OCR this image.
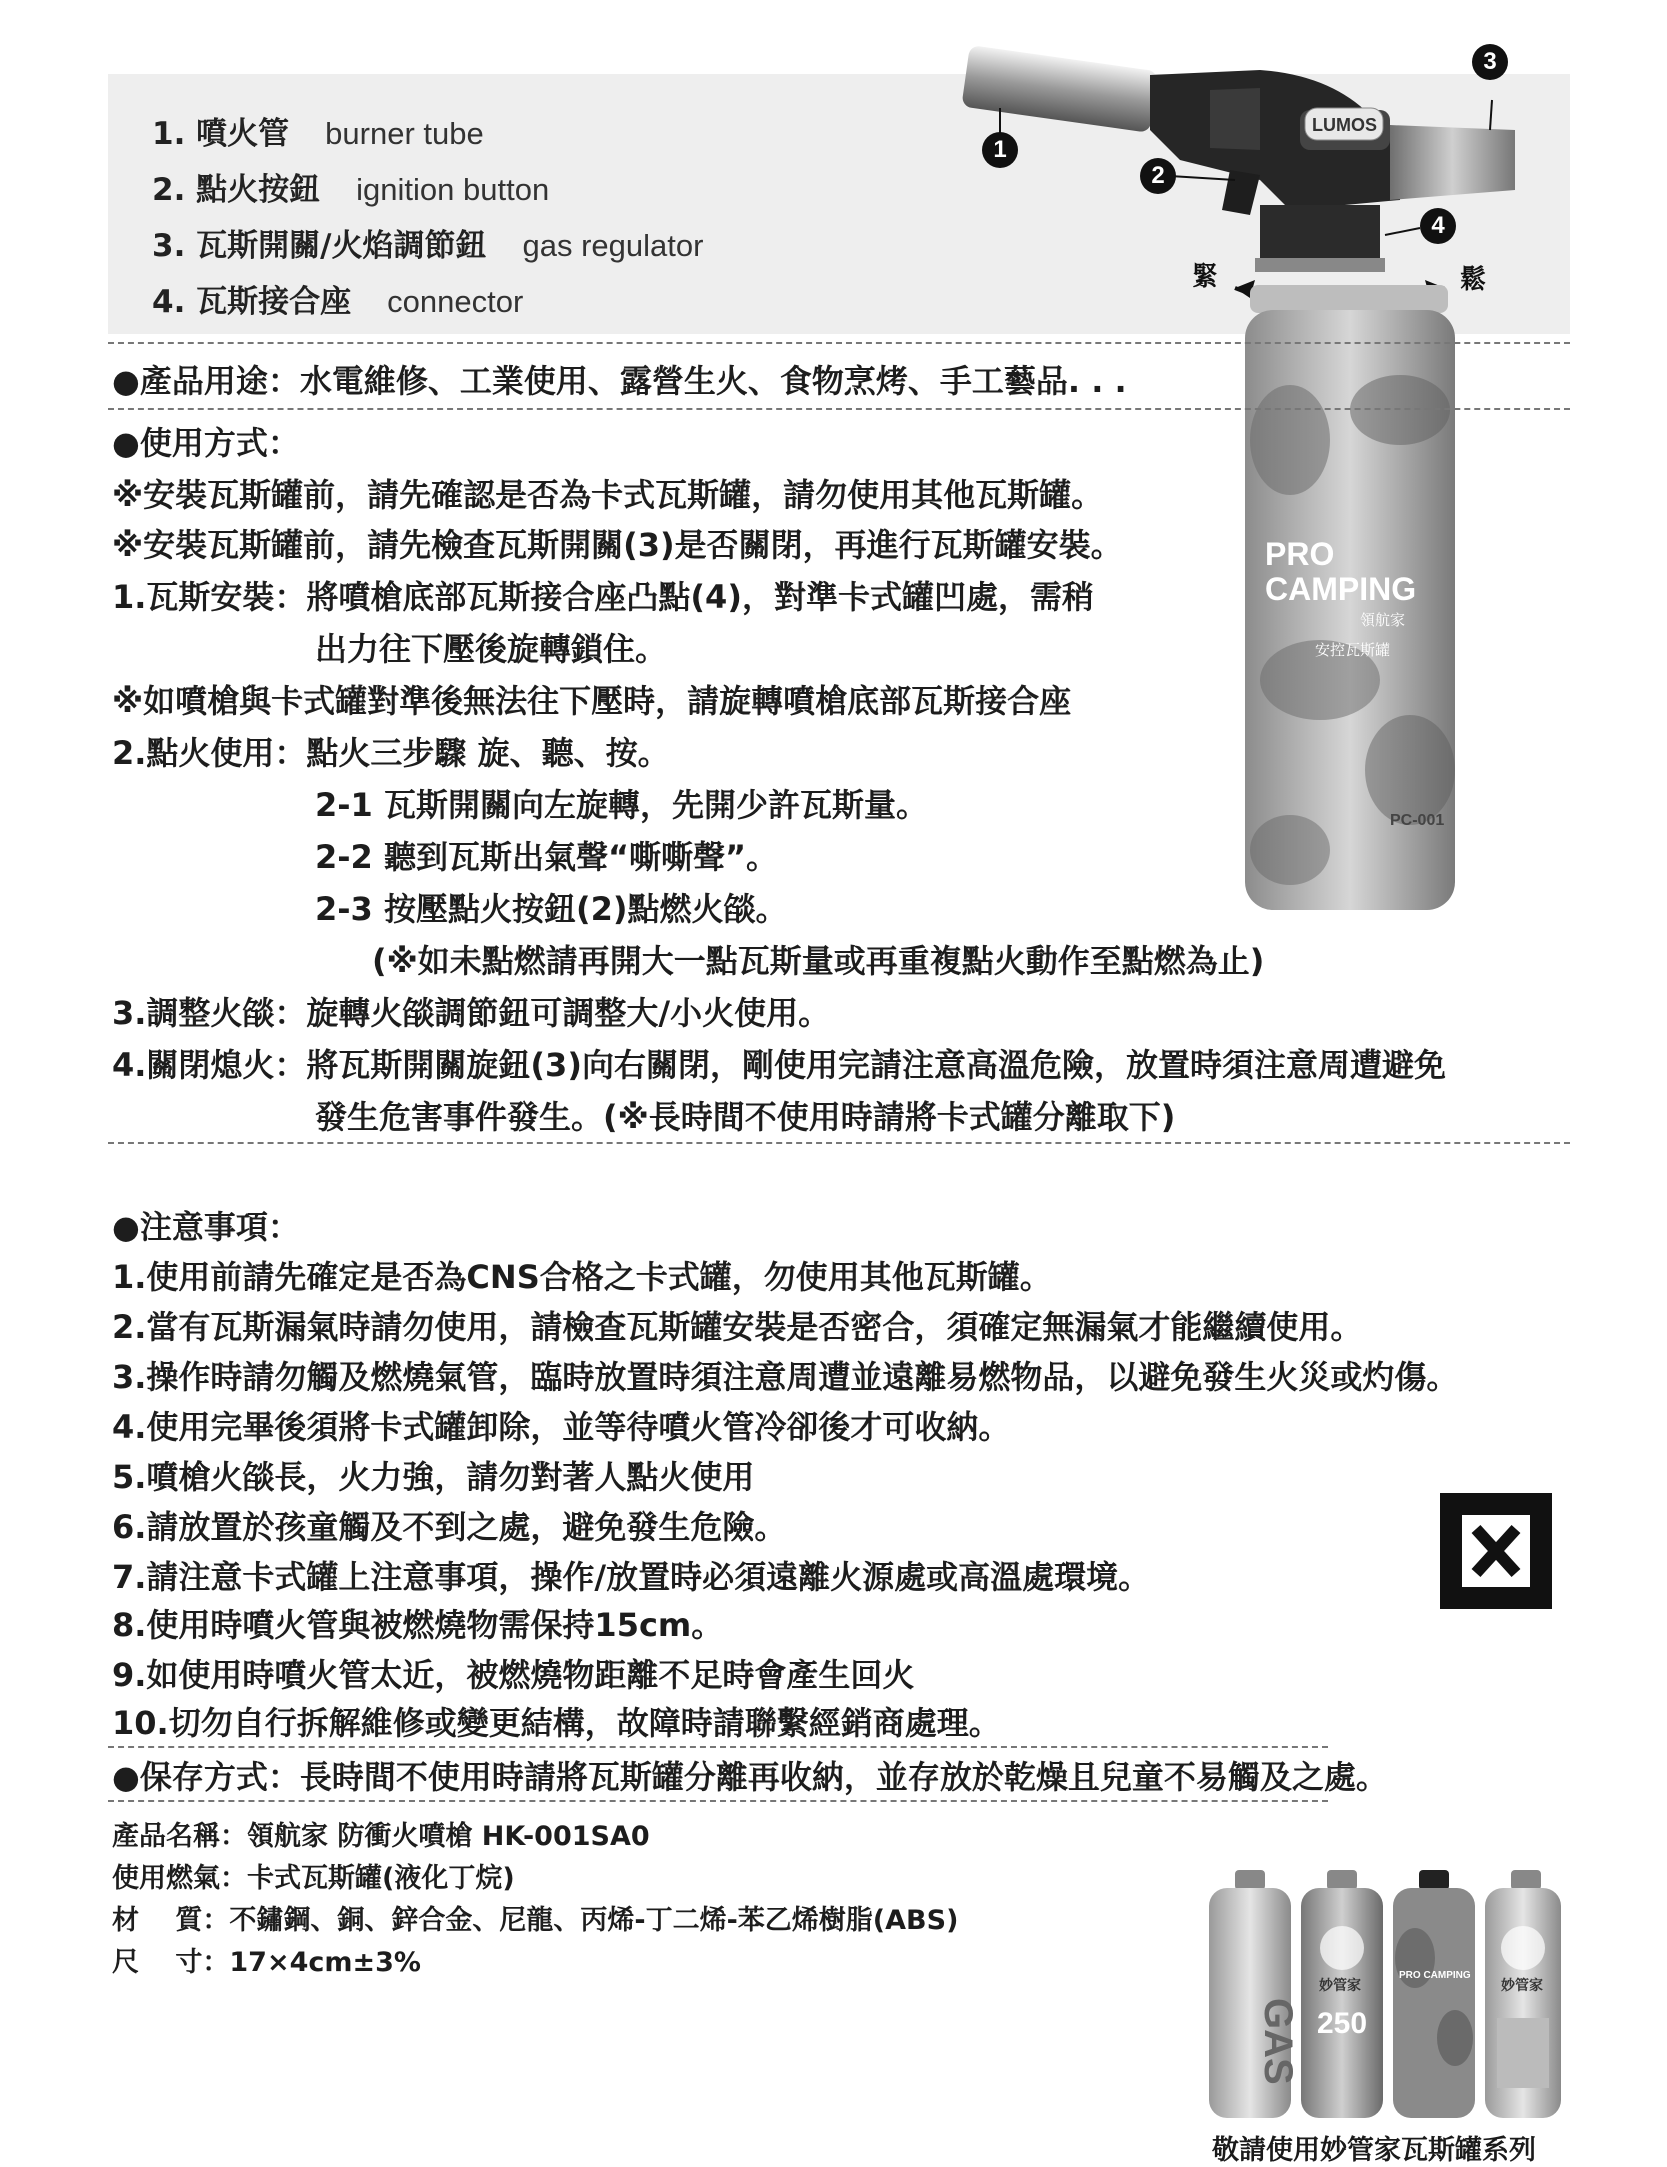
1. 噴火管 burner tube
2. 點火按鈕 ignition button
3. 瓦斯開關/火焰調節鈕 gas regulator
4. 瓦斯接合座 connector
緊	鬆
PRO
CAMPING
領航家
安控瓦斯罐
PC-001
LUMOS
1
2
3
4
●產品用途：水電維修、工業使用、露營生火、食物烹烤、手工藝品. . .
●使用方式：
※安裝瓦斯罐前，請先確認是否為卡式瓦斯罐，請勿使用其他瓦斯罐。
※安裝瓦斯罐前，請先檢查瓦斯開關(3)是否關閉，再進行瓦斯罐安裝。
1.瓦斯安裝：將噴槍底部瓦斯接合座凸點(4)，對準卡式罐凹處，需稍
出力往下壓後旋轉鎖住。
※如噴槍與卡式罐對準後無法往下壓時，請旋轉噴槍底部瓦斯接合座
2.點火使用：點火三步驟 旋、聽、按。
2-1 瓦斯開關向左旋轉，先開少許瓦斯量。
2-2 聽到瓦斯出氣聲“嘶嘶聲”。
2-3 按壓點火按鈕(2)點燃火燄。
(※如未點燃請再開大一點瓦斯量或再重複點火動作至點燃為止)
3.調整火燄：旋轉火燄調節鈕可調整大/小火使用。
4.關閉熄火：將瓦斯開關旋鈕(3)向右關閉，剛使用完請注意高溫危險，放置時須注意周遭避免
發生危害事件發生。(※長時間不使用時請將卡式罐分離取下)
●注意事項：
1.使用前請先確定是否為CNS合格之卡式罐，勿使用其他瓦斯罐。
2.當有瓦斯漏氣時請勿使用，請檢查瓦斯罐安裝是否密合，須確定無漏氣才能繼續使用。
3.操作時請勿觸及燃燒氣管，臨時放置時須注意周遭並遠離易燃物品，以避免發生火災或灼傷。
4.使用完畢後須將卡式罐卸除，並等待噴火管冷卻後才可收納。
5.噴槍火燄長，火力強，請勿對著人點火使用
6.請放置於孩童觸及不到之處，避免發生危險。
7.請注意卡式罐上注意事項，操作/放置時必須遠離火源處或高溫處環境。
8.使用時噴火管與被燃燒物需保持15cm。
9.如使用時噴火管太近，被燃燒物距離不足時會產生回火
10.切勿自行拆解維修或變更結構，故障時請聯繫經銷商處理。
●保存方式：長時間不使用時請將瓦斯罐分離再收納，並存放於乾燥且兒童不易觸及之處。
產品名稱：領航家 防衝火噴槍 HK-001SA0
使用燃氣：卡式瓦斯罐(液化丁烷)
材　 質：不鏽鋼、銅、鋅合金、尼龍、丙烯-丁二烯-苯乙烯樹脂(ABS)
尺　 寸：17×4cm±3%
GAS
妙管家
250
PRO CAMPING
妙管家
敬請使用妙管家瓦斯罐系列
